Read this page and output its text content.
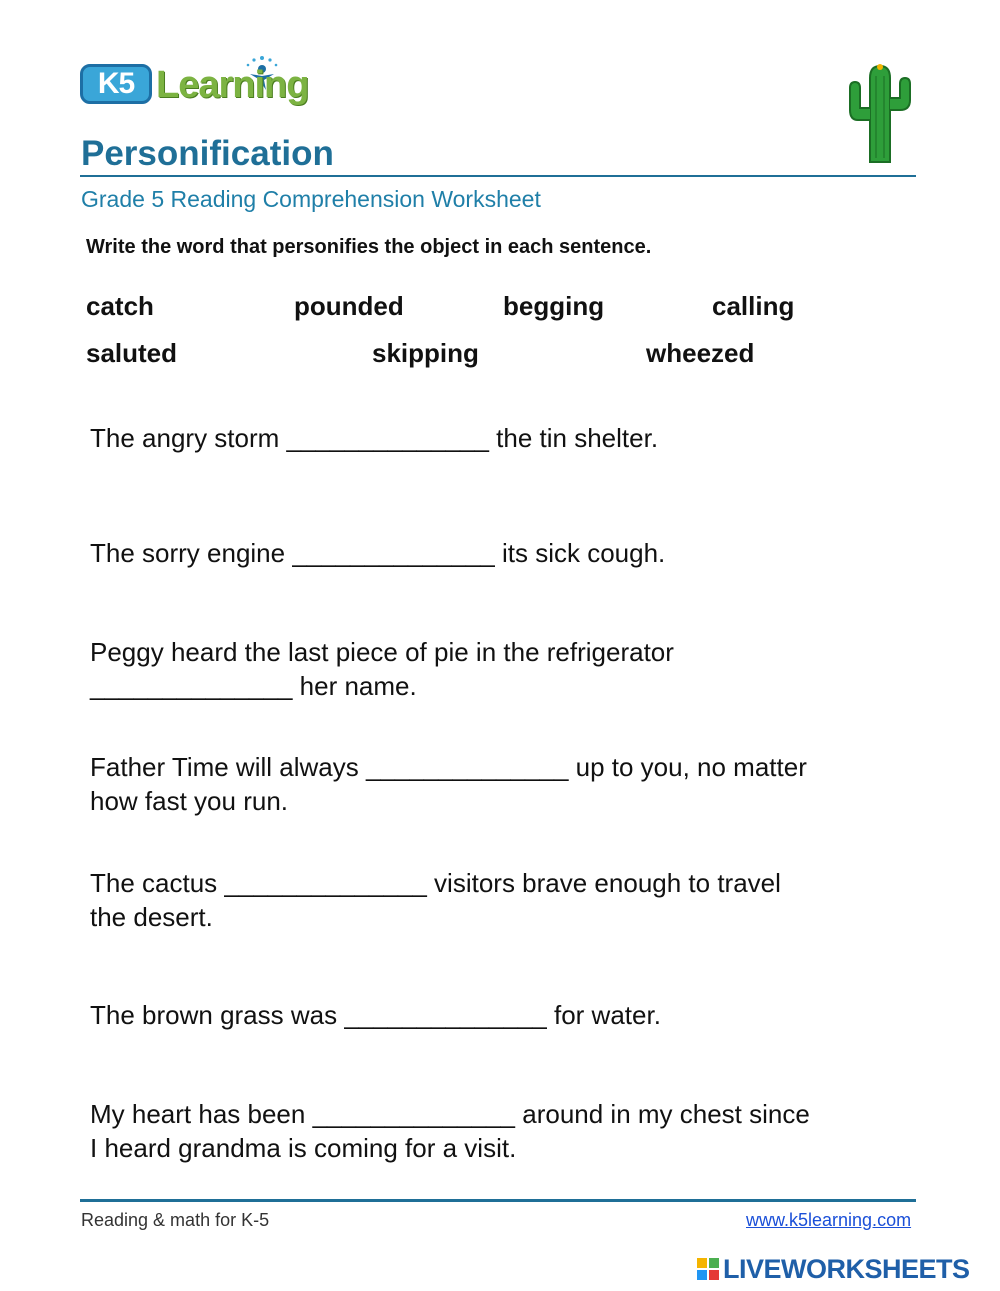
K5 Learning
Personification
Grade 5 Reading Comprehension Worksheet
Write the word that personifies the object in each sentence.
catch	pounded	begging	calling
saluted	skipping	wheezed

The angry storm ______________ the tin shelter.

The sorry engine ______________ its sick cough.

Peggy heard the last piece of pie in the refrigerator
______________ her name.

Father Time will always ______________ up to you, no matter
how fast you run.

The cactus ______________ visitors brave enough to travel
the desert.

The brown grass was ______________ for water.

My heart has been ______________ around in my chest since
I heard grandma is coming for a visit.

Reading & math for K-5	www.k5learning.com
LIVEWORKSHEETS
